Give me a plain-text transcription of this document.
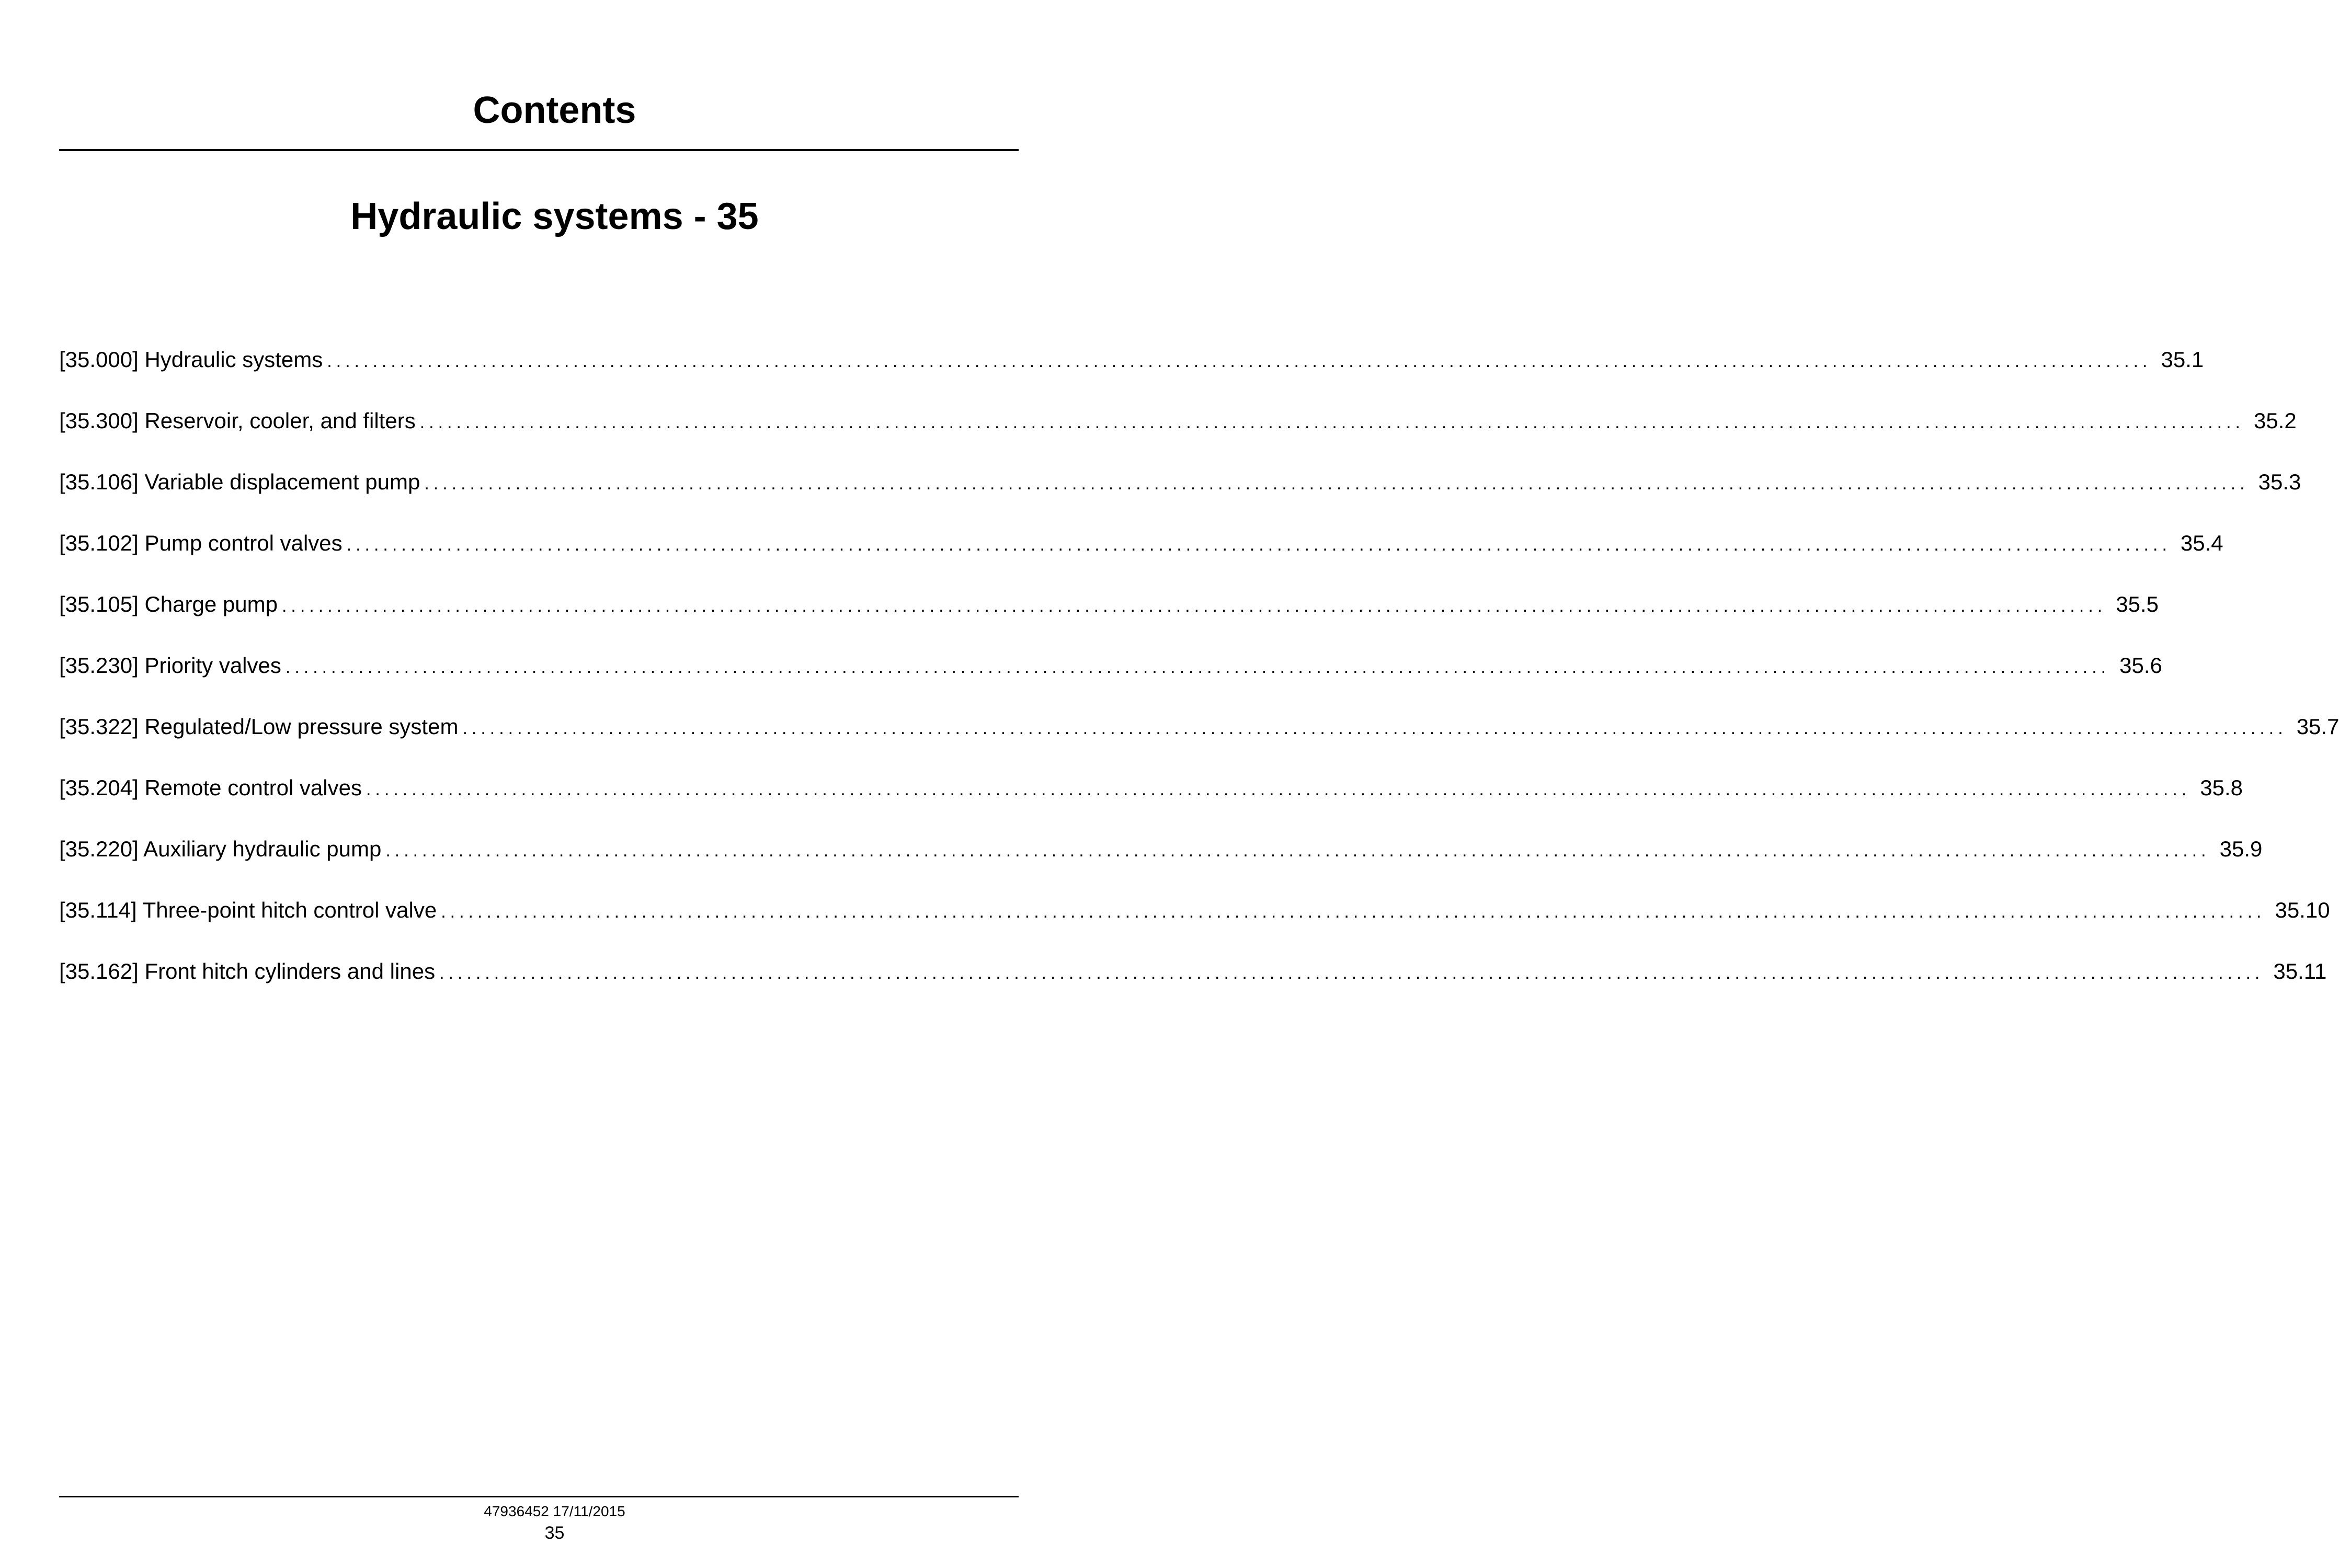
Contents
Hydraulic systems - 35
[35.000] Hydraulic systems ........................................................................................................................................................................................................ 35.1
[35.300] Reservoir, cooler, and filters ........................................................................................................................................................................................................ 35.2
[35.106] Variable displacement pump ........................................................................................................................................................................................................ 35.3
[35.102] Pump control valves ........................................................................................................................................................................................................ 35.4
[35.105] Charge pump ........................................................................................................................................................................................................ 35.5
[35.230] Priority valves ........................................................................................................................................................................................................ 35.6
[35.322] Regulated/Low pressure system ........................................................................................................................................................................................................ 35.7
[35.204] Remote control valves ........................................................................................................................................................................................................ 35.8
[35.220] Auxiliary hydraulic pump ........................................................................................................................................................................................................ 35.9
[35.114] Three-point hitch control valve ........................................................................................................................................................................................................ 35.10
[35.162] Front hitch cylinders and lines ........................................................................................................................................................................................................ 35.11
47936452 17/11/2015
35
